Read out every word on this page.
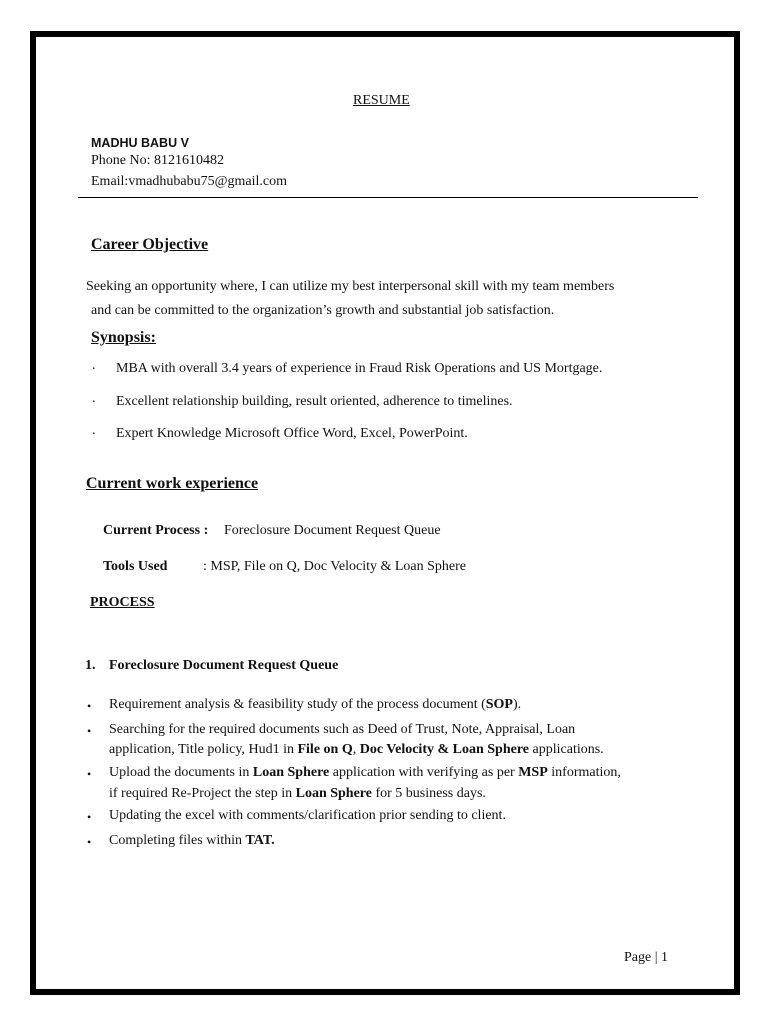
RESUME
MADHU BABU V
Phone No: 8121610482
Email:vmadhubabu75@gmail.com
Career Objective
Seeking an opportunity where, I can utilize my best interpersonal skill with my team members
and can be committed to the organization’s growth and substantial job satisfaction.
Synopsis:
. MBA with overall 3.4 years of experience in Fraud Risk Operations and US Mortgage.
. Excellent relationship building, result oriented, adherence to timelines.
. Expert Knowledge Microsoft Office Word, Excel, PowerPoint.
Current work experience
Current Process : Foreclosure Document Request Queue
Tools Used	: MSP, File on Q, Doc Velocity & Loan Sphere
PROCESS
1. Foreclosure Document Request Queue
• Requirement analysis & feasibility study of the process document (SOP).
• Searching for the required documents such as Deed of Trust, Note, Appraisal, Loan
application, Title policy, Hud1 in File on Q, Doc Velocity & Loan Sphere applications.
• Upload the documents in Loan Sphere application with verifying as per MSP information,
if required Re-Project the step in Loan Sphere for 5 business days.
• Updating the excel with comments/clarification prior sending to client.
• Completing files within TAT.
Page | 1
